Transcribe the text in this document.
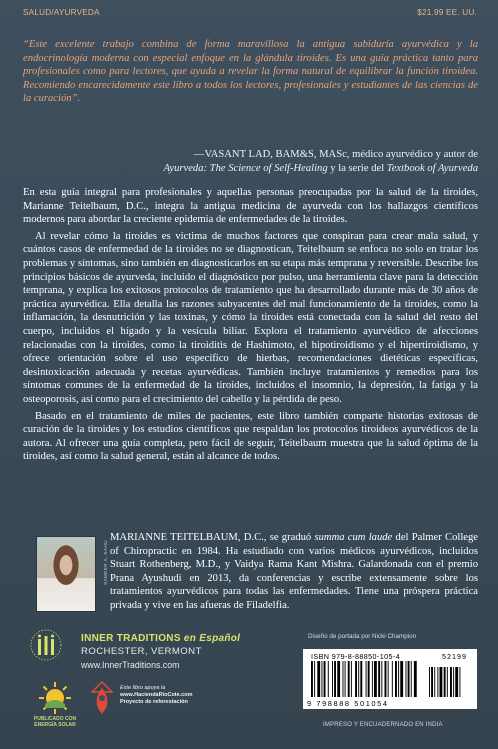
SALUD/AYURVEDA	$21.99 EE. UU.
“Este excelente trabajo combina de forma maravillosa la antigua sabiduría ayurvédica y la endocrinología moderna con especial enfoque en la glándula tiroides. Es una guía práctica tanto para profesionales como para lectores, que ayuda a revelar la forma natural de equilibrar la función tiroidea. Recomiendo encarecidamente este libro a todos los lectores, profesionales y estudiantes de las ciencias de la curación”.
—VASANT LAD, BAM&S, MASc, médico ayurvédico y autor de
Ayurveda: The Science of Self-Healing y la serie del Textbook of Ayurveda

En esta guía integral para profesionales y aquellas personas preocupadas por la salud de la tiroides, Marianne Teitelbaum, D.C., integra la antigua medicina de ayurveda con los hallazgos científicos modernos para abordar la creciente epidemia de enfermedades de la tiroides.

Al revelar cómo la tiroides es víctima de muchos factores que conspiran para crear mala salud, y cuántos casos de enfermedad de la tiroides no se diagnostican, Teitelbaum se enfoca no solo en tratar los problemas y síntomas, sino también en diagnosticarlos en su etapa más temprana y reversible. Describe los principios básicos de ayurveda, incluido el diagnóstico por pulso, una herramienta clave para la detección temprana, y explica los exitosos protocolos de tratamiento que ha desarrollado durante más de 30 años de práctica ayurvédica. Ella detalla las razones subyacentes del mal funcionamiento de la tiroides, como la inflamación, la desnutrición y las toxinas, y cómo la tiroides está conectada con la salud del resto del cuerpo, incluidos el hígado y la vesícula biliar. Explora el tratamiento ayurvédico de afecciones relacionadas con la tiroides, como la tiroiditis de Hashimoto, el hipotiroidismo y el hipertiroidismo, y ofrece orientación sobre el uso específico de hierbas, recomendaciones dietéticas específicas, desintoxicación adecuada y recetas ayurvédicas. También incluye tratamientos y remedios para los síntomas comunes de la enfermedad de la tiroides, incluidos el insomnio, la depresión, la fatiga y la osteoporosis, así como para el crecimiento del cabello y la pérdida de peso.

Basado en el tratamiento de miles de pacientes, este libro también comparte historias exitosas de curación de la tiroides y los estudios científicos que respaldan los protocolos tiroideos ayurvédicos de la autora. Al ofrecer una guía completa, pero fácil de seguir, Teitelbaum muestra que la salud óptima de la tiroides, así como la salud general, están al alcance de todos.

SAMEER A. KAHU
MARIANNE TEITELBAUM, D.C., se graduó summa cum laude del Palmer College of Chiropractic en 1984. Ha estudiado con varios médicos ayurvédicos, incluidos Stuart Rothenberg, M.D., y Vaidya Rama Kant Mishra. Galardonada con el premio Prana Ayushudi en 2013, da conferencias y escribe extensamente sobre los tratamientos ayurvédicos para todas las enfermedades. Tiene una próspera práctica privada y vive en las afueras de Filadelfia.
INNER TRADITIONS en Español
ROCHESTER, VERMONT
www.InnerTraditions.com
PUBLICADO CON
ENERGÍA SOLAR
Este libro apoya la
www.HaciendaRioCote.com
Proyecto de reforestación
Diseño de portada por Nicki Champion
ISBN 979-8-88850-105-4	52199
9 798888 501054
IMPRESO Y ENCUADERNADO EN INDIA
